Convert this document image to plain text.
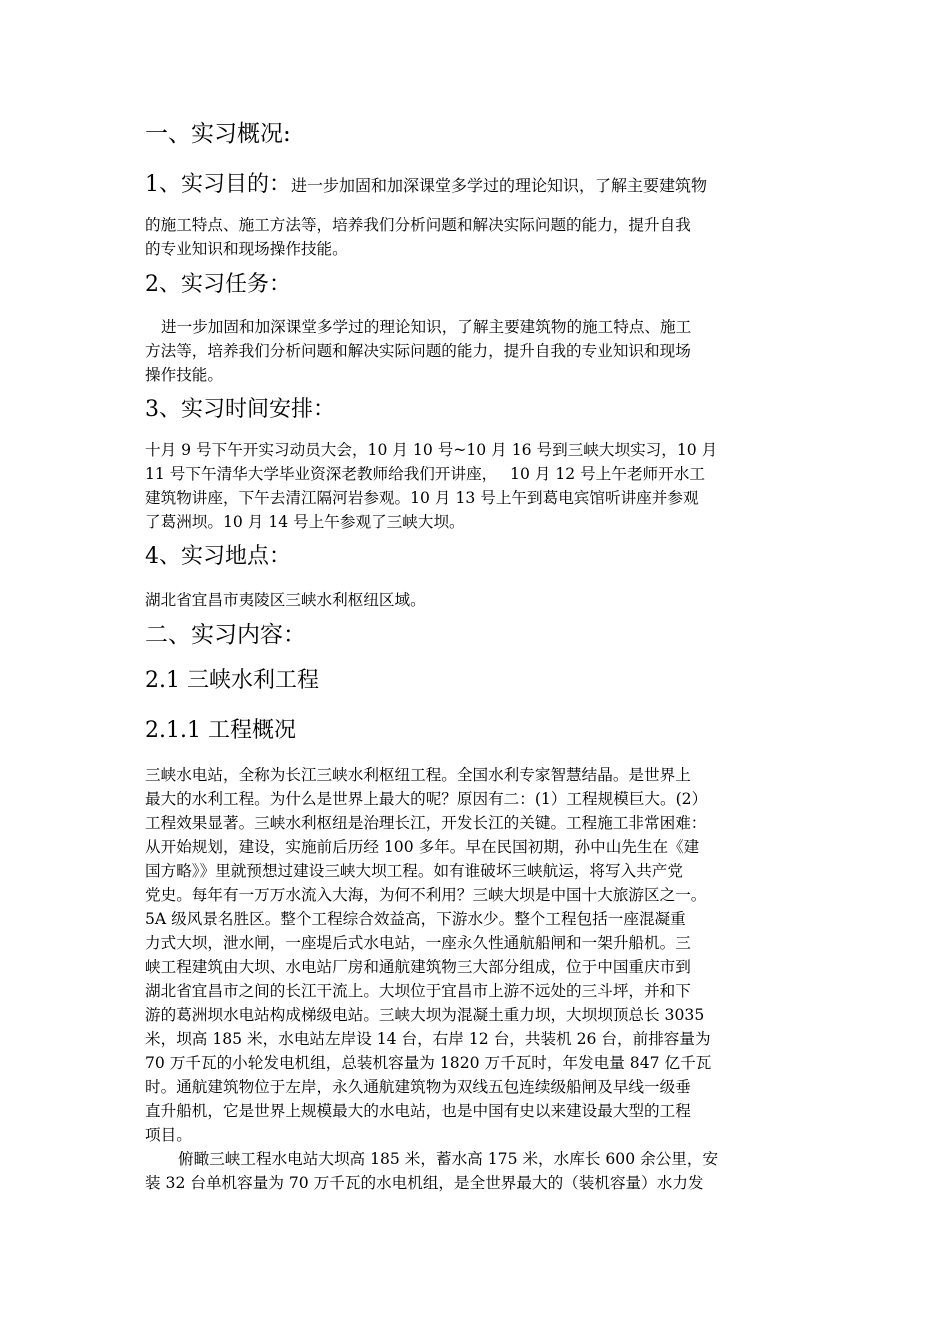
一、实习概况:
1、实习目的：进一步加固和加深课堂多学过的理论知识，了解主要建筑物
的施工特点、施工方法等，培养我们分析问题和解决实际问题的能力，提升自我
的专业知识和现场操作技能。
2、实习任务：
进一步加固和加深课堂多学过的理论知识，了解主要建筑物的施工特点、施工
方法等，培养我们分析问题和解决实际问题的能力，提升自我的专业知识和现场
操作技能。
3、实习时间安排：
十月 9 号下午开实习动员大会，10 月 10 号~10 月 16 号到三峡大坝实习，10 月
11 号下午清华大学毕业资深老教师给我们开讲座，　 10 月 12 号上午老师开水工
建筑物讲座，下午去清江隔河岩参观。10 月 13 号上午到葛电宾馆听讲座并参观
了葛洲坝。10 月 14 号上午参观了三峡大坝。
4、实习地点：
湖北省宜昌市夷陵区三峡水利枢纽区域。
二、实习内容：
2.1 三峡水利工程
2.1.1 工程概况
三峡水电站，全称为长江三峡水利枢纽工程。全国水利专家智慧结晶。是世界上
最大的水利工程。为什么是世界上最大的呢？原因有二：(1）工程规模巨大。(2）
工程效果显著。三峡水利枢纽是治理长江，开发长江的关键。工程施工非常困难：
从开始规划，建设，实施前后历经 100 多年。早在民国初期，孙中山先生在《建
国方略》》里就预想过建设三峡大坝工程。如有谁破坏三峡航运，将写入共产党
党史。每年有一万万水流入大海，为何不利用？三峡大坝是中国十大旅游区之一。
5A 级风景名胜区。整个工程综合效益高，下游水少。整个工程包括一座混凝重
力式大坝，泄水闸，一座堤后式水电站，一座永久性通航船闸和一架升船机。三
峡工程建筑由大坝、水电站厂房和通航建筑物三大部分组成，位于中国重庆市到
湖北省宜昌市之间的长江干流上。大坝位于宜昌市上游不远处的三斗坪，并和下
游的葛洲坝水电站构成梯级电站。三峡大坝为混凝土重力坝，大坝坝顶总长 3035
米，坝高 185 米，水电站左岸设 14 台，右岸 12 台，共装机 26 台，前排容量为
70 万千瓦的小轮发电机组，总装机容量为 1820 万千瓦时，年发电量 847 亿千瓦
时。通航建筑物位于左岸，永久通航建筑物为双线五包连续级船闸及早线一级垂
直升船机，它是世界上规模最大的水电站，也是中国有史以来建设最大型的工程
项目。
俯瞰三峡工程水电站大坝高 185 米，蓄水高 175 米，水库长 600 余公里，安
装 32 台单机容量为 70 万千瓦的水电机组，是全世界最大的（装机容量）水力发
